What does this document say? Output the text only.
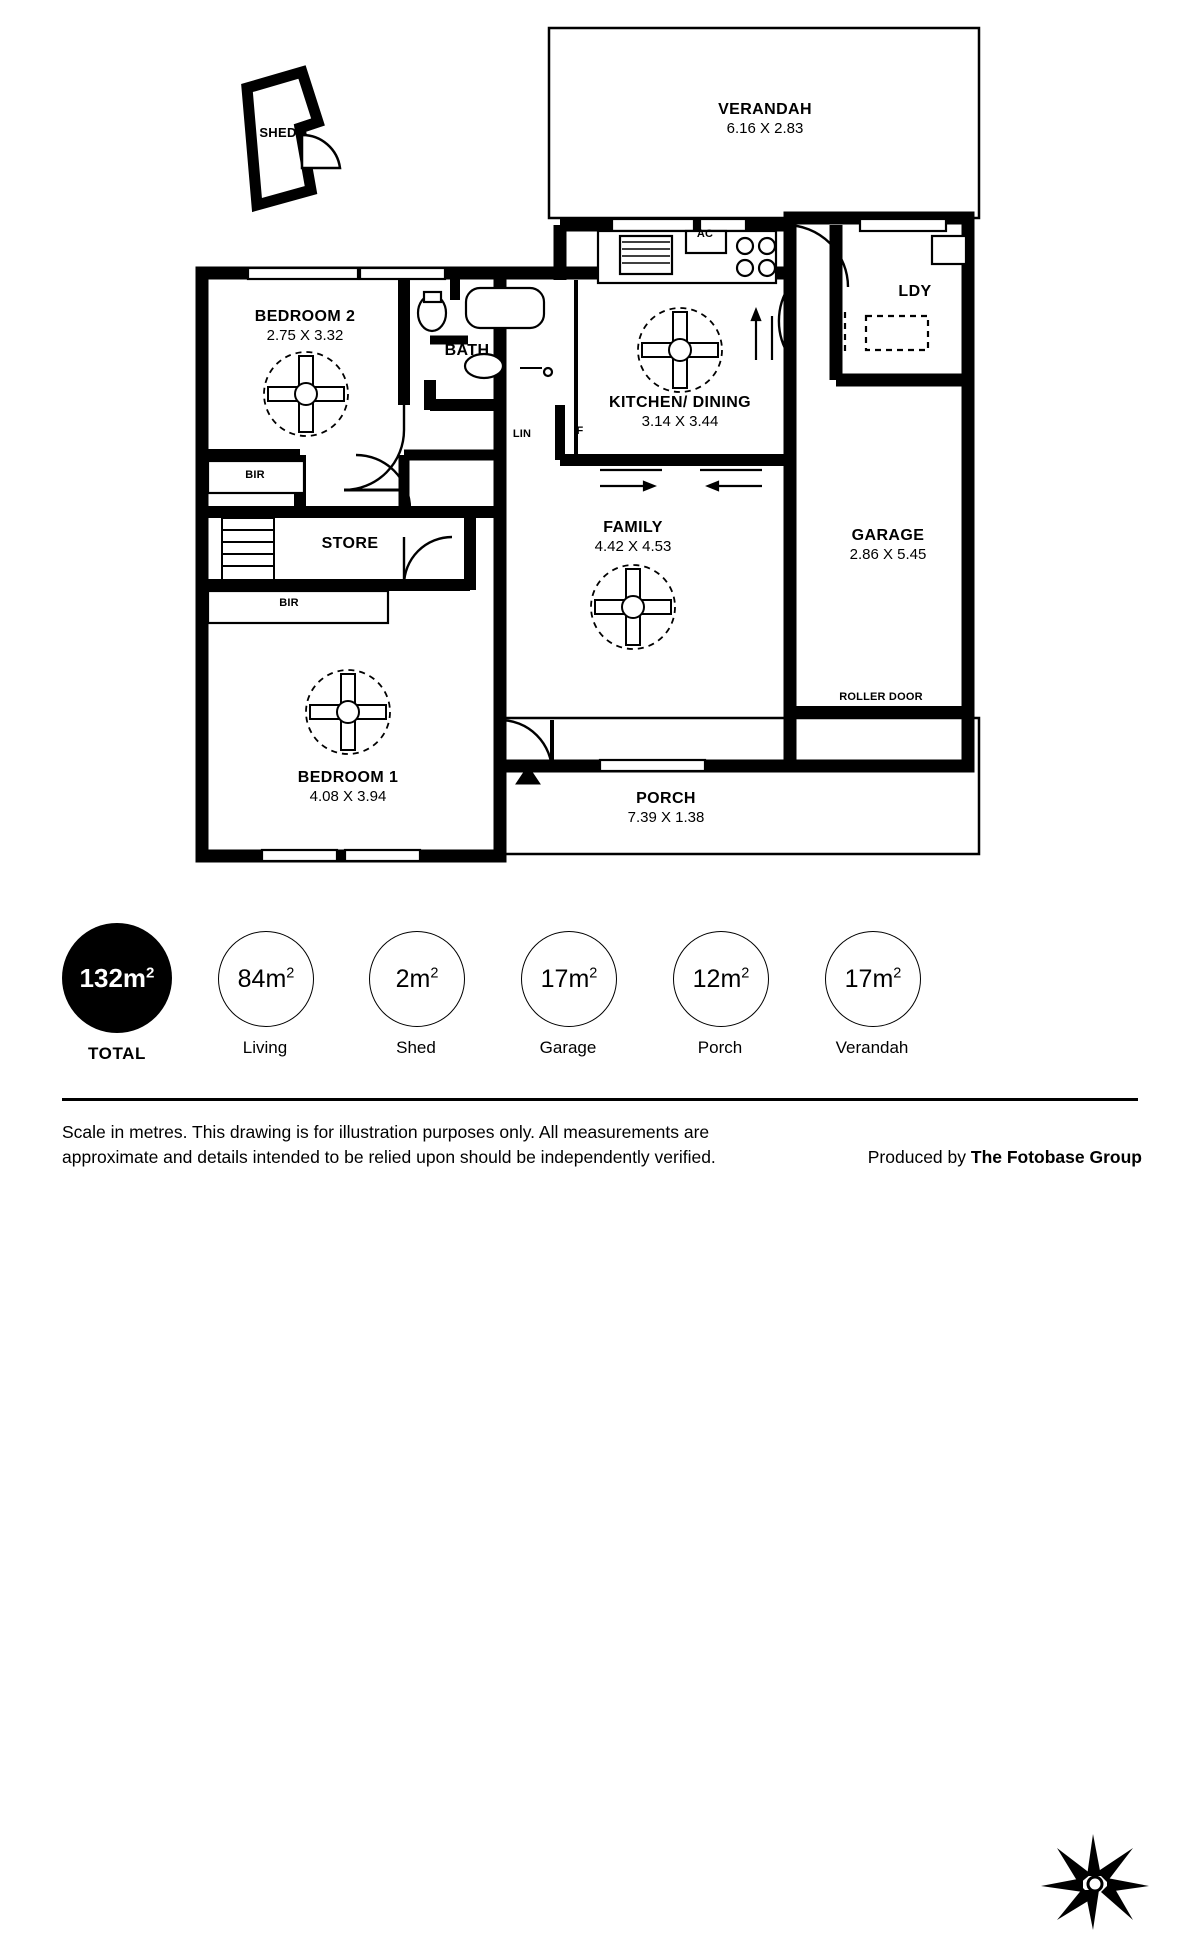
SHED
VERANDAH
6.16 X 2.83
BEDROOM 2
2.75 X 3.32
BATH
KITCHEN/ DINING
3.14 X 3.44
LDY
STORE
FAMILY
4.42 X 4.53
GARAGE
2.86 X 5.45
BEDROOM 1
4.08 X 3.94	PORCH
7.39 X 1.38
AC
LIN	F
BIR
BIR
ROLLER DOOR
$132m^2$
TOTAL
$84m^2$
Living
$2m^2$
Shed
$17m^2$
Garage
$12m^2$
Porch
$17m^2$
Verandah
Scale in metres. This drawing is for illustration purposes only. All measurements are approximate and details intended to be relied upon should be independently verified.	Produced by The Fotobase Group
